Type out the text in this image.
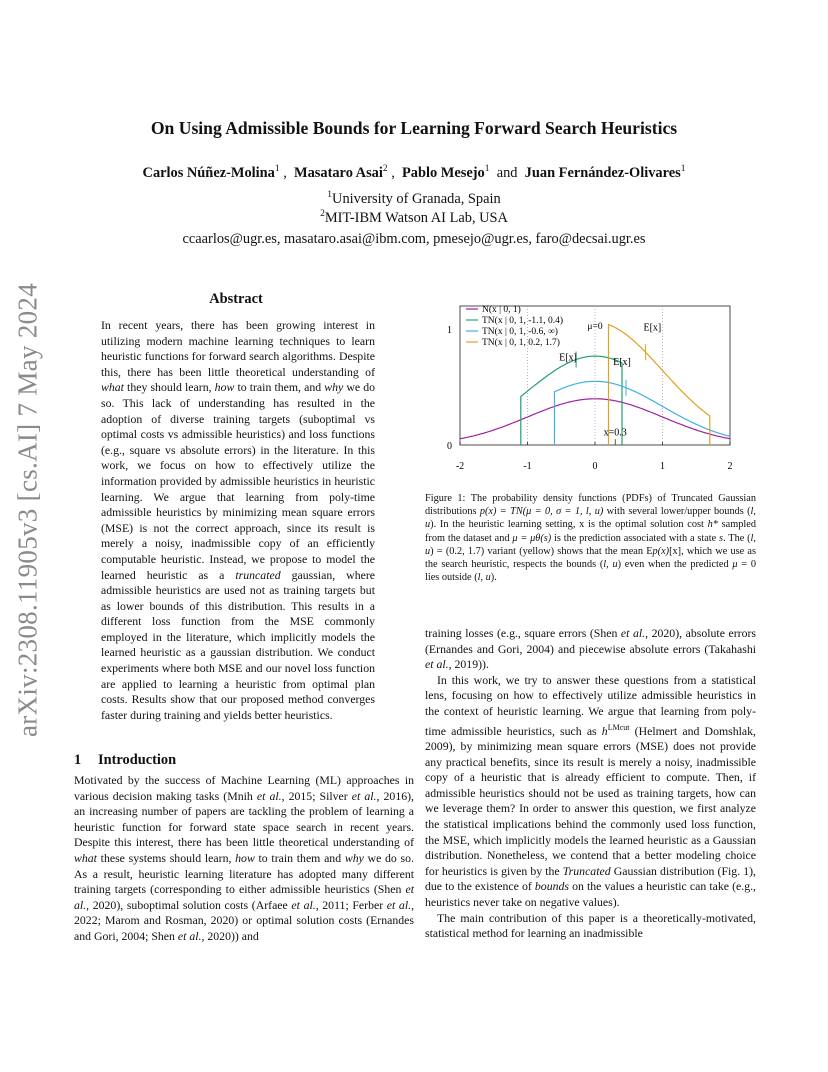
arXiv:2308.11905v3 [cs.AI] 7 May 2024
On Using Admissible Bounds for Learning Forward Search Heuristics
Carlos Núñez-Molina$^1$ ,  Masataro Asai$^2$ ,  Pablo Mesejo$^1$  and  Juan Fernández-Olivares$^1$
$^1$University of Granada, Spain
$^2$MIT-IBM Watson AI Lab, USA
ccaarlos@ugr.es, masataro.asai@ibm.com, pmesejo@ugr.es, faro@decsai.ugr.es
Abstract

In recent years, there has been growing interest in utilizing modern machine learning techniques to learn heuristic functions for forward search algorithms. Despite this, there has been little theoretical understanding of what they should learn, how to train them, and why we do so. This lack of understanding has resulted in the adoption of diverse training targets (suboptimal vs optimal costs vs admissible heuristics) and loss functions (e.g., square vs absolute errors) in the literature. In this work, we focus on how to effectively utilize the information provided by admissible heuristics in heuristic learning. We argue that learning from poly-time admissible heuristics by minimizing mean square errors (MSE) is not the correct approach, since its result is merely a noisy, inadmissible copy of an efficiently computable heuristic. Instead, we propose to model the learned heuristic as a truncated gaussian, where admissible heuristics are used not as training targets but as lower bounds of this distribution. This results in a different loss function from the MSE commonly employed in the literature, which implicitly models the learned heuristic as a gaussian distribution. We conduct experiments where both MSE and our novel loss function are applied to learning a heuristic from optimal plan costs. Results show that our proposed method converges faster during training and yields better heuristics.

1 Introduction

Motivated by the success of Machine Learning (ML) approaches in various decision making tasks (Mnih et al., 2015; Silver et al., 2016), an increasing number of papers are tackling the problem of learning a heuristic function for forward state space search in recent years. Despite this interest, there has been little theoretical understanding of what these systems should learn, how to train them and why we do so. As a result, heuristic learning literature has adopted many different training targets (corresponding to either admissible heuristics (Shen et al., 2020), suboptimal solution costs (Arfaee et al., 2011; Ferber et al., 2022; Marom and Rosman, 2020) or optimal solution costs (Ernandes and Gori, 2004; Shen et al., 2020)) and

-2	-1	0	1	2
0
1
N(x | 0, 1)
TN(x | 0, 1, -1.1, 0.4)
TN(x | 0, 1, -0.6, ∞)
TN(x | 0, 1, 0.2, 1.7)
E[x]	E[x]
E[x]
μ=0
x=0.3

Figure 1: The probability density functions (PDFs) of Truncated Gaussian distributions p(x) = TN(μ = 0, σ = 1, l, u) with several lower/upper bounds (l, u). In the heuristic learning setting, x is the optimal solution cost h* sampled from the dataset and μ = μθ(s) is the prediction associated with a state s. The (l, u) = (0.2, 1.7) variant (yellow) shows that the mean Ep(x)[x], which we use as the search heuristic, respects the bounds (l, u) even when the predicted μ = 0 lies outside (l, u).

training losses (e.g., square errors (Shen et al., 2020), absolute errors (Ernandes and Gori, 2004) and piecewise absolute errors (Takahashi et al., 2019)).

In this work, we try to answer these questions from a statistical lens, focusing on how to effectively utilize admissible heuristics in the context of heuristic learning. We argue that learning from poly-time admissible heuristics, such as $h^{LMcut}$ (Helmert and Domshlak, 2009), by minimizing mean square errors (MSE) does not provide any practical benefits, since its result is merely a noisy, inadmissible copy of a heuristic that is already efficient to compute. Then, if admissible heuristics should not be used as training targets, how can we leverage them? In order to answer this question, we first analyze the statistical implications behind the commonly used loss function, the MSE, which implicitly models the learned heuristic as a Gaussian distribution. Nonetheless, we contend that a better modeling choice for heuristics is given by the Truncated Gaussian distribution (Fig. 1), due to the existence of bounds on the values a heuristic can take (e.g., heuristics never take on negative values).

The main contribution of this paper is a theoretically-motivated, statistical method for learning an inadmissible
